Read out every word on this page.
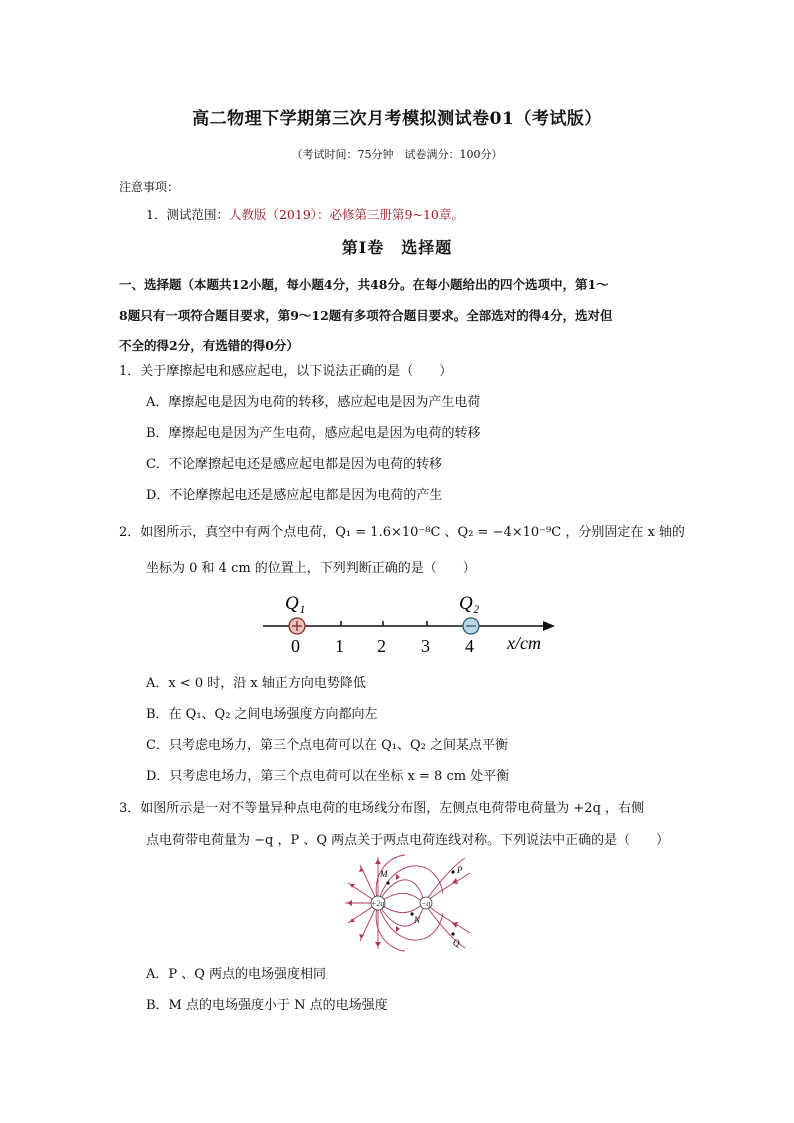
高二物理下学期第三次月考模拟测试卷01（考试版）
（考试时间：75分钟　试卷满分：100分）
注意事项：
1．测试范围：人教版（2019）：必修第三册第9~10章。
第Ⅰ卷　选择题
一、选择题（本题共12小题，每小题4分，共48分。在每小题给出的四个选项中，第1～
8题只有一项符合题目要求，第9～12题有多项符合题目要求。全部选对的得4分，选对但
不全的得2分，有选错的得0分）
1．关于摩擦起电和感应起电，以下说法正确的是（　　）
A．摩擦起电是因为电荷的转移，感应起电是因为产生电荷
B．摩擦起电是因为产生电荷，感应起电是因为电荷的转移
C．不论摩擦起电还是感应起电都是因为电荷的转移
D．不论摩擦起电还是感应起电都是因为电荷的产生
2．如图所示，真空中有两个点电荷，Q₁ = 1.6×10⁻⁸C 、Q₂ = −4×10⁻⁹C ，分别固定在 x 轴的
坐标为 0 和 4 cm 的位置上，下列判断正确的是（　　）
Q₁	Q₂
0 1 2 3 4 x/cm
A．x < 0 时，沿 x 轴正方向电势降低
B．在 Q₁、Q₂ 之间电场强度方向都向左
C．只考虑电场力，第三个点电荷可以在 Q₁、Q₂ 之间某点平衡
D．只考虑电场力，第三个点电荷可以在坐标 x = 8 cm 处平衡
3．如图所示是一对不等量异种点电荷的电场线分布图，左侧点电荷带电荷量为 +2q ，右侧
点电荷带电荷量为 −q ，P 、Q 两点关于两点电荷连线对称。下列说法中正确的是（　　）
+2q	−q
M
N
P
Q
A．P 、Q 两点的电场强度相同
B．M 点的电场强度小于 N 点的电场强度
